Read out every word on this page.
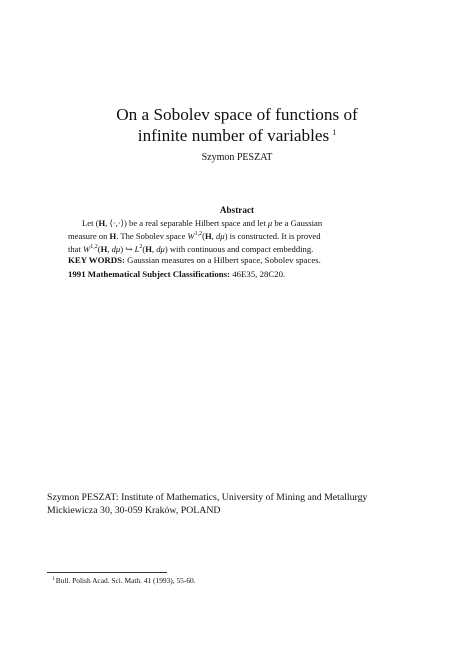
On a Sobolev space of functions of
infinite number of variables $^1$
Szymon PESZAT
Abstract
Let (H, ⟨·,·⟩) be a real separable Hilbert space and let μ be a Gaussian
measure on H. The Sobolev space W$^{1,2}$(H, dμ) is constructed. It is proved
that W$^{1,2}$(H, dμ) ↪ $L^2(H$, dμ) with continuous and compact embedding.
KEY WORDS: Gaussian measures on a Hilbert space, Sobolev spaces.
1991 Mathematical Subject Classifications: 46E35, 28C20.
Szymon PESZAT: Institute of Mathematics, University of Mining and Metallurgy
Mickiewicza 30, 30-059 Kraków, POLAND
$^1$Bull. Polish Acad. Sci. Math. 41 (1993), 55-60.
